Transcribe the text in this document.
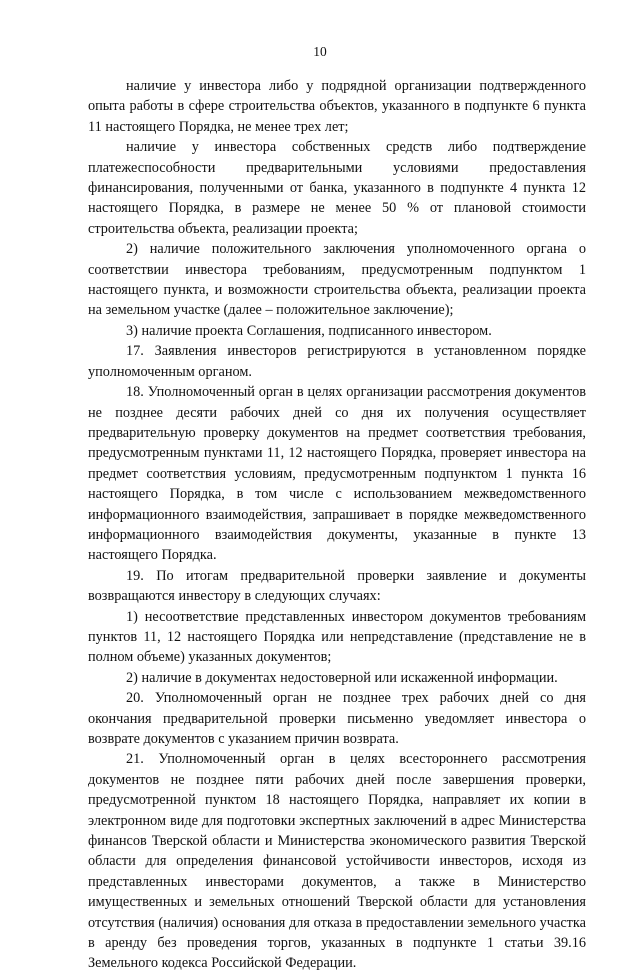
10

наличие у инвестора либо у подрядной организации подтвержденного опыта работы в сфере строительства объектов, указанного в подпункте 6 пункта 11 настоящего Порядка, не менее трех лет;

наличие у инвестора собственных средств либо подтверждение платежеспособности предварительными условиями предоставления финансирования, полученными от банка, указанного в подпункте 4 пункта 12 настоящего Порядка, в размере не менее 50 % от плановой стоимости строительства объекта, реализации проекта;

2) наличие положительного заключения уполномоченного органа о соответствии инвестора требованиям, предусмотренным подпунктом 1 настоящего пункта, и возможности строительства объекта, реализации проекта на земельном участке (далее – положительное заключение);

3) наличие проекта Соглашения, подписанного инвестором.

17. Заявления инвесторов регистрируются в установленном порядке уполномоченным органом.

18. Уполномоченный орган в целях организации рассмотрения документов не позднее десяти рабочих дней со дня их получения осуществляет предварительную проверку документов на предмет соответствия требования, предусмотренным пунктами 11, 12 настоящего Порядка, проверяет инвестора на предмет соответствия условиям, предусмотренным подпунктом 1 пункта 16 настоящего Порядка, в том числе с использованием межведомственного информационного взаимодействия, запрашивает в порядке межведомственного информационного взаимодействия документы, указанные в пункте 13 настоящего Порядка.

19. По итогам предварительной проверки заявление и документы возвращаются инвестору в следующих случаях:

1) несоответствие представленных инвестором документов требованиям пунктов 11, 12 настоящего Порядка или непредставление (представление не в полном объеме) указанных документов;

2) наличие в документах недостоверной или искаженной информации.

20. Уполномоченный орган не позднее трех рабочих дней со дня окончания предварительной проверки письменно уведомляет инвестора о возврате документов с указанием причин возврата.

21. Уполномоченный орган в целях всестороннего рассмотрения документов не позднее пяти рабочих дней после завершения проверки, предусмотренной пунктом 18 настоящего Порядка, направляет их копии в электронном виде для подготовки экспертных заключений в адрес Министерства финансов Тверской области и Министерства экономического развития Тверской области для определения финансовой устойчивости инвесторов, исходя из представленных инвесторами документов, а также в Министерство имущественных и земельных отношений Тверской области для установления отсутствия (наличия) основания для отказа в предоставлении земельного участка в аренду без проведения торгов, указанных в подпункте 1 статьи 39.16 Земельного кодекса Российской Федерации.
